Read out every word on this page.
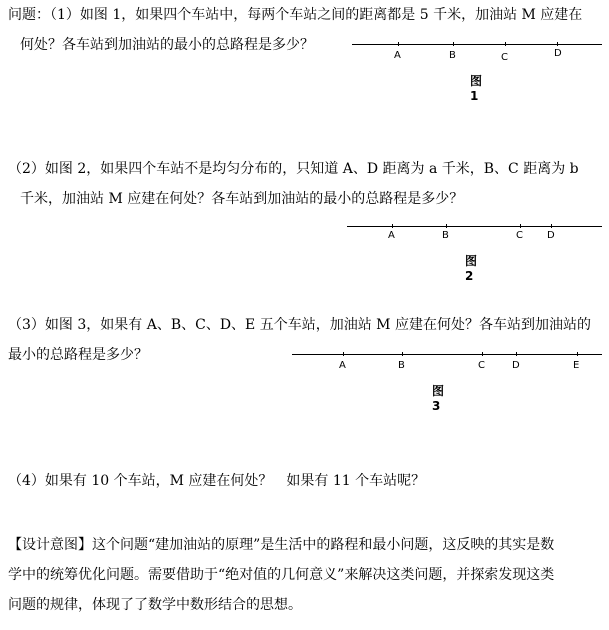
问题：（1）如图 1，如果四个车站中，每两个车站之间的距离都是 5 千米，加油站 M 应建在
何处？各车站到加油站的最小的总路程是多少？
A	B	C	D
图 1
（2）如图 2，如果四个车站不是均匀分布的，只知道 A、D 距离为 a 千米，B、C 距离为 b
千米，加油站 M 应建在何处？各车站到加油站的最小的总路程是多少？
A	B	C D
图 2
（3）如图 3，如果有 A、B、C、D、E 五个车站，加油站 M 应建在何处？各车站到加油站的
最小的总路程是多少？
A	B	C	D	E
图3
（4）如果有 10 个车站，M 应建在何处？　如果有 11 个车站呢？
【设计意图】这个问题“建加油站的原理”是生活中的路程和最小问题，这反映的其实是数
学中的统筹优化问题。需要借助于“绝对值的几何意义”来解决这类问题，并探索发现这类
问题的规律，体现了了数学中数形结合的思想。
